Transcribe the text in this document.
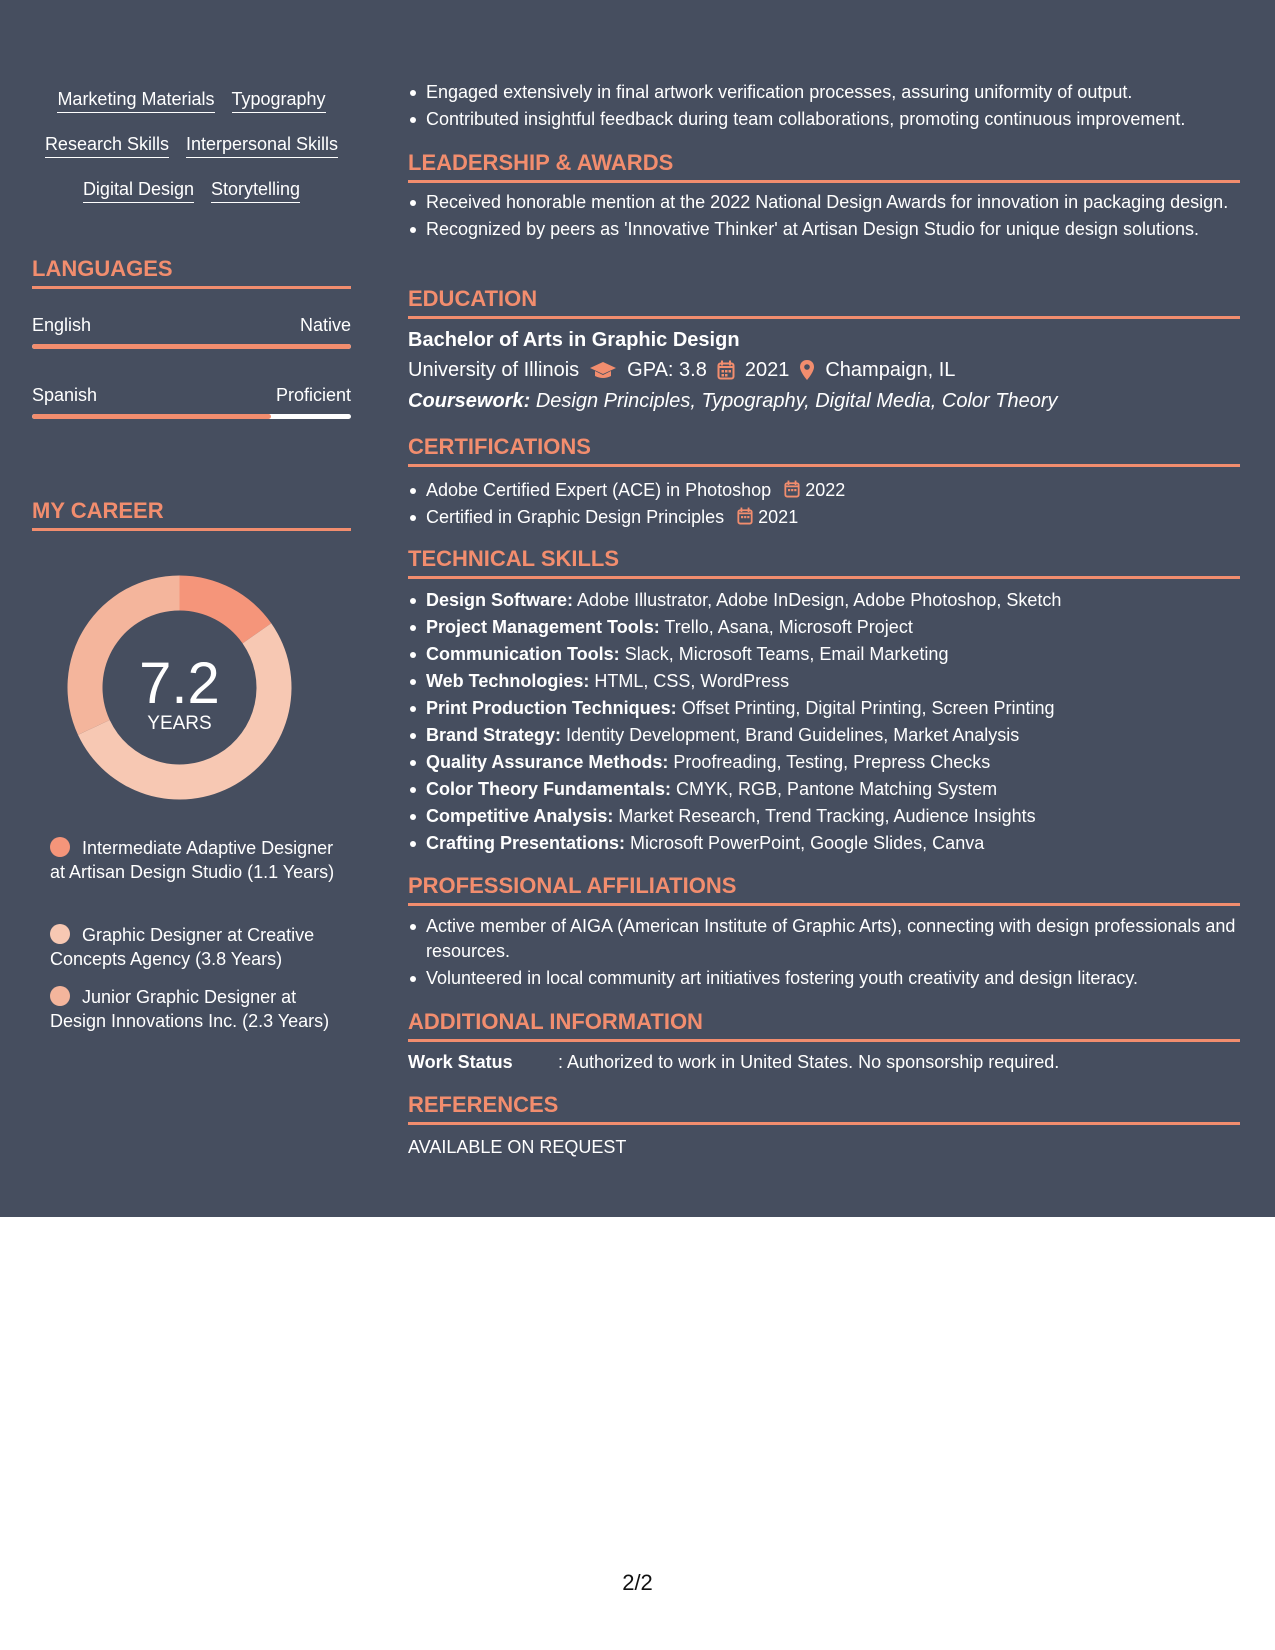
Marketing Materials Typography
Research Skills Interpersonal Skills
Digital Design Storytelling
LANGUAGES
English	Native
Spanish	Proficient
MY CAREER
7.2
YEARS
Intermediate Adaptive Designer at Artisan Design Studio (1.1 Years)
Graphic Designer at Creative Concepts Agency (3.8 Years)
Junior Graphic Designer at Design Innovations Inc. (2.3 Years)
Engaged extensively in final artwork verification processes, assuring uniformity of output.
Contributed insightful feedback during team collaborations, promoting continuous improvement.
LEADERSHIP & AWARDS
Received honorable mention at the 2022 National Design Awards for innovation in packaging design.
Recognized by peers as 'Innovative Thinker' at Artisan Design Studio for unique design solutions.
EDUCATION
Bachelor of Arts in Graphic Design
University of Illinois GPA: 3.8 2021 Champaign, IL
Coursework: Design Principles, Typography, Digital Media, Color Theory
CERTIFICATIONS
Adobe Certified Expert (ACE) in Photoshop 2022
Certified in Graphic Design Principles 2021
TECHNICAL SKILLS
Design Software: Adobe Illustrator, Adobe InDesign, Adobe Photoshop, Sketch
Project Management Tools: Trello, Asana, Microsoft Project
Communication Tools: Slack, Microsoft Teams, Email Marketing
Web Technologies: HTML, CSS, WordPress
Print Production Techniques: Offset Printing, Digital Printing, Screen Printing
Brand Strategy: Identity Development, Brand Guidelines, Market Analysis
Quality Assurance Methods: Proofreading, Testing, Prepress Checks
Color Theory Fundamentals: CMYK, RGB, Pantone Matching System
Competitive Analysis: Market Research, Trend Tracking, Audience Insights
Crafting Presentations: Microsoft PowerPoint, Google Slides, Canva
PROFESSIONAL AFFILIATIONS
Active member of AIGA (American Institute of Graphic Arts), connecting with design professionals and resources.
Volunteered in local community art initiatives fostering youth creativity and design literacy.
ADDITIONAL INFORMATION
Work Status	: Authorized to work in United States. No sponsorship required.
REFERENCES
AVAILABLE ON REQUEST
2/2
